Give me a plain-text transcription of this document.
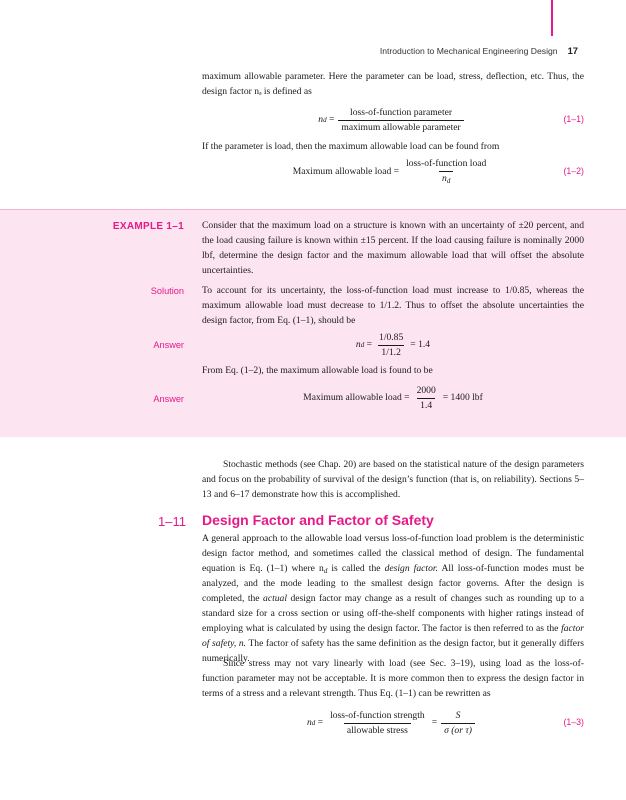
Introduction to Mechanical Engineering Design 17
maximum allowable parameter. Here the parameter can be load, stress, deflection, etc. Thus, the design factor nₔ is defined as
n $d = \frac{\text{loss-of-function parameter}}{\text{maximum allowable parameter}}$	(1–1)
If the parameter is load, then the maximum allowable load can be found from
Maximum allowable load = $\frac{\text{loss-of-function load}}{n_d}$	(1–2)
EXAMPLE 1–1 Consider that the maximum load on a structure is known with an uncertainty of ±20 percent, and the load causing failure is known within ±15 percent. If the load causing failure is nominally 2000 lbf, determine the design factor and the maximum allowable load that will offset the absolute uncertainties.
Solution To account for its uncertainty, the loss-of-function load must increase to 1/0.85, whereas the maximum allowable load must decrease to 1/1.2. Thus to offset the absolute uncertainties the design factor, from Eq. (1–1), should be
Answer	n $d = \frac{1/0.85}{1/1.2} = 1.4$
From Eq. (1–2), the maximum allowable load is found to be
Answer	Maximum allowable load = $\frac{2000}{1.4} = 1400$ lbf
Stochastic methods (see Chap. 20) are based on the statistical nature of the design parameters and focus on the probability of survival of the design’s function (that is, on reliability). Sections 5–13 and 6–17 demonstrate how this is accomplished.
1–11 Design Factor and Factor of Safety
A general approach to the allowable load versus loss-of-function load problem is the deterministic design factor method, and sometimes called the classical method of design. The fundamental equation is Eq. (1–1) where $n_d$ is called the design factor. All loss-of-function modes must be analyzed, and the mode leading to the smallest design factor governs. After the design is completed, the actual design factor may change as a result of changes such as rounding up to a standard size for a cross section or using off-the-shelf components with higher ratings instead of employing what is calculated by using the design factor. The factor is then referred to as the factor of safety, n. The factor of safety has the same definition as the design factor, but it generally differs numerically.
Since stress may not vary linearly with load (see Sec. 3–19), using load as the loss-of-function parameter may not be acceptable. It is more common then to express the design factor in terms of a stress and a relevant strength. Thus Eq. (1–1) can be rewritten as
n $d = \frac{\text{loss-of-function strength}}{\text{allowable stress}} = \frac{S}{\text{σ (or τ)}}$	(1–3)
